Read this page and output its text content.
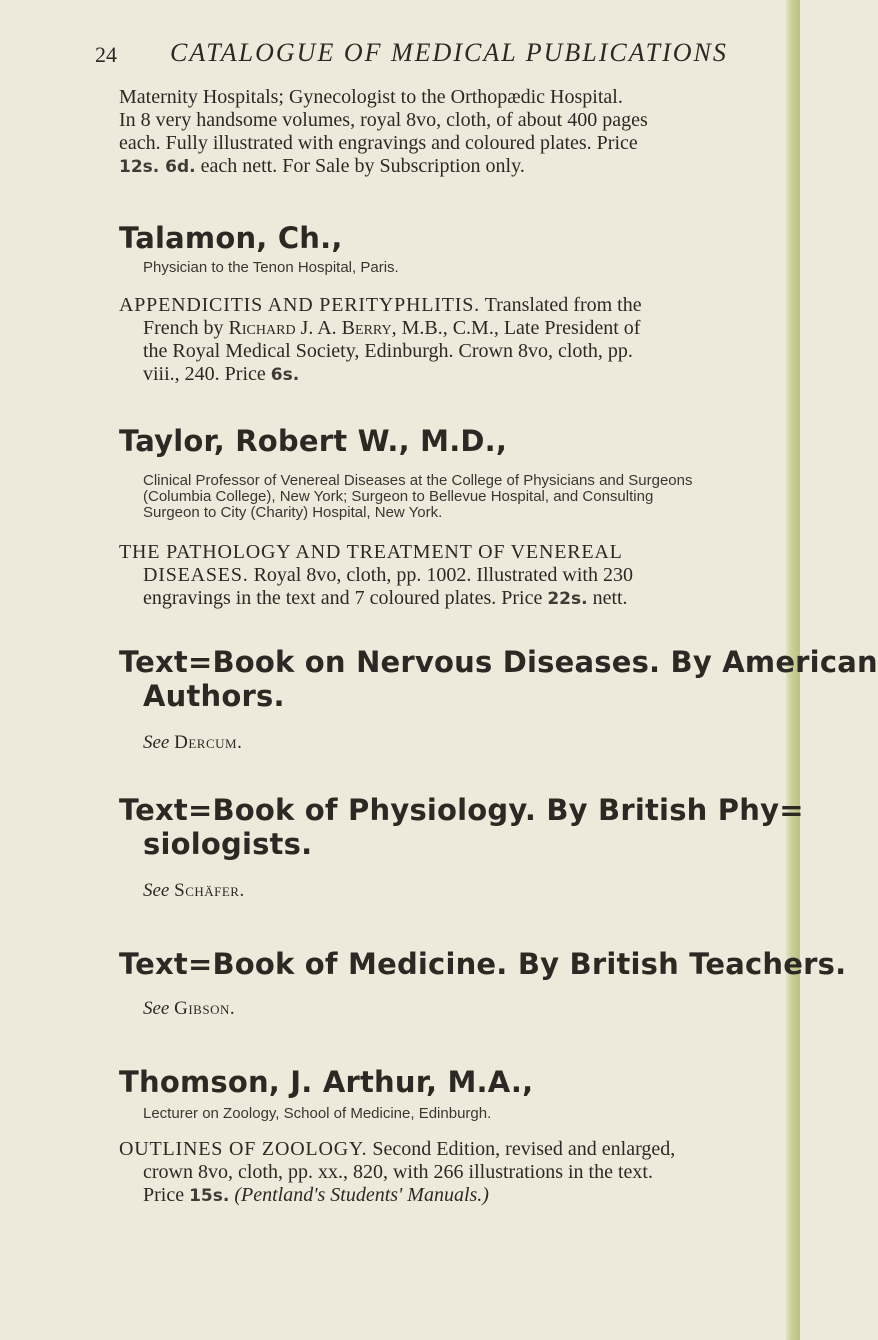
24 CATALOGUE OF MEDICAL PUBLICATIONS
Maternity Hospitals; Gynecologist to the Orthopædic Hospital.
In 8 very handsome volumes, royal 8vo, cloth, of about 400 pages
each. Fully illustrated with engravings and coloured plates. Price
12s. 6d. each nett. For Sale by Subscription only.
Talamon, Ch.,
Physician to the Tenon Hospital, Paris.
APPENDICITIS AND PERITYPHLITIS. Translated from the
French by Richard J. A. Berry, M.B., C.M., Late President of
the Royal Medical Society, Edinburgh. Crown 8vo, cloth, pp.
viii., 240. Price 6s.
Taylor, Robert W., M.D.,
Clinical Professor of Venereal Diseases at the College of Physicians and Surgeons
(Columbia College), New York; Surgeon to Bellevue Hospital, and Consulting
Surgeon to City (Charity) Hospital, New York.
THE PATHOLOGY AND TREATMENT OF VENEREAL
DISEASES. Royal 8vo, cloth, pp. 1002. Illustrated with 230
engravings in the text and 7 coloured plates. Price 22s. nett.
Text=Book on Nervous Diseases. By American
Authors.
See Dercum.
Text=Book of Physiology. By British Phy=
siologists.
See Schäfer.
Text=Book of Medicine. By British Teachers.
See Gibson.
Thomson, J. Arthur, M.A.,
Lecturer on Zoology, School of Medicine, Edinburgh.
OUTLINES OF ZOOLOGY. Second Edition, revised and enlarged,
crown 8vo, cloth, pp. xx., 820, with 266 illustrations in the text.
Price 15s. (Pentland's Students' Manuals.)
